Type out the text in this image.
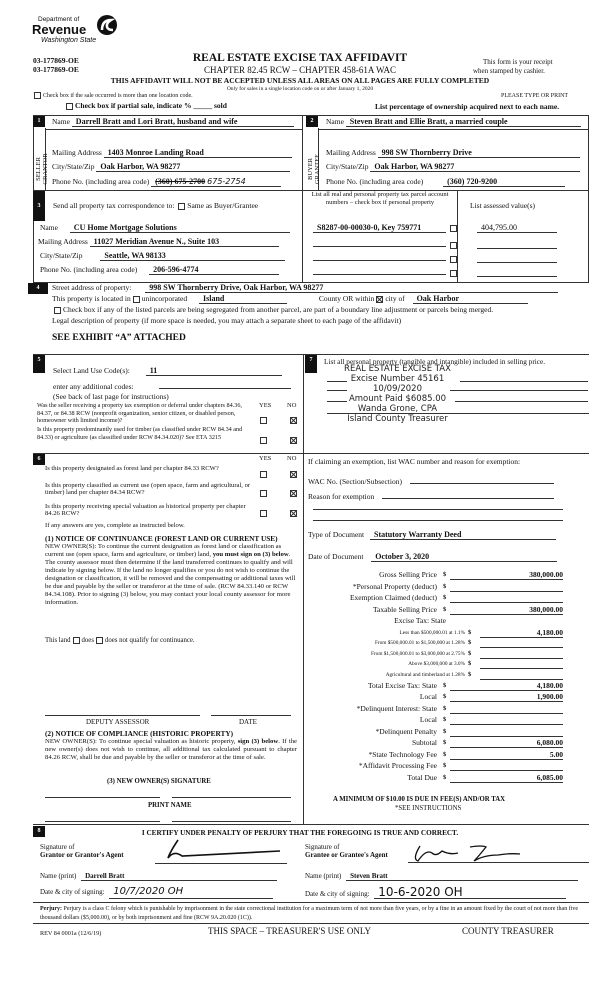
Department of
Revenue
Washington State
03-177869-OE
03-177869-OE
REAL ESTATE EXCISE TAX AFFIDAVIT
CHAPTER 82.45 RCW – CHAPTER 458-61A WAC
This form is your receipt
when stamped by cashier.
THIS AFFIDAVIT WILL NOT BE ACCEPTED UNLESS ALL AREAS ON ALL PAGES ARE FULLY COMPLETED
Only for sales in a single location code on or after January 1, 2020
Check box if the sale occurred is more than one location code.	PLEASE TYPE OR PRINT
Check box if partial sale, indicate % _____ sold	List percentage of ownership acquired next to each name.
1	2
SELLER GRANTOR	BUYER GRANTEE
Name Darrell Bratt and Lori Bratt, husband and wife
Mailing Address 1403 Monroe Landing Road
City/State/Zip Oak Harbor, WA 98277
Phone No. (including area code) (360) 675-2700 675-2754
Name Steven Bratt and Ellie Bratt, a married couple
Mailing Address 998 SW Thornberry Drive
City/State/Zip Oak Harbor, WA 98277
Phone No. (including area code)	(360) 720-9200
3	Send all property tax correspondence to: Same as Buyer/Grantee
List all real and personal property tax parcel account numbers – check box if personal property	List assessed value(s)
Name CU Home Mortgage Solutions
Mailing Address 11027 Meridian Avenue N., Suite 103
City/State/Zip	Seattle, WA 98133
Phone No. (including area code) 206-596-4774
S8287-00-00030-0, Key 759771	404,795.00

4	Street address of property: 998 SW Thornberry Drive, Oak Harbor, WA 98277
This property is located in unincorporated Island	County OR within city of Oak Harbor
Check box if any of the listed parcels are being segregated from another parcel, are part of a boundary line adjustment or parcels being merged.
Legal description of property (if more space is needed, you may attach a separate sheet to each page of the affidavit)
SEE EXHIBIT “A” ATTACHED
5	7
6
Select Land Use Code(s): 11
enter any additional codes:
(See back of last page for instructions)
YES NO
Was the seller receiving a property tax exemption or deferral under chapters 84.36, 84.37, or 84.38 RCW (nonprofit organization, senior citizen, or disabled person, homeowner with limited income)?
Is this property predominantly used for timber (as classified under RCW 84.34 and 84.33) or agriculture (as classified under RCW 84.34.020)? See ETA 3215
YES NO
Is this property designated as forest land per chapter 84.33 RCW?
Is this property classified as current use (open space, farm and agricultural, or timber) land per chapter 84.34 RCW?
Is this property receiving special valuation as historical property per chapter 84.26 RCW?
If any answers are yes, complete as instructed below.
(1) NOTICE OF CONTINUANCE (FOREST LAND OR CURRENT USE)
NEW OWNER(S): To continue the current designation as forest land or classification as current use (open space, farm and agriculture, or timber) land, you must sign on (3) below. The county assessor must then determine if the land transferred continues to qualify and will indicate by signing below. If the land no longer qualifies or you do not wish to continue the designation or classification, it will be removed and the compensating or additional taxes will be due and payable by the seller or transferor at the time of sale. (RCW 84.33.140 or RCW 84.34.108). Prior to signing (3) below, you may contact your local county assessor for more information.
This land does does not qualify for continuance.
DEPUTY ASSESSOR	DATE
(2) NOTICE OF COMPLIANCE (HISTORIC PROPERTY)
NEW OWNER(S): To continue special valuation as historic property, sign (3) below. If the new owner(s) does not wish to continue, all additional tax calculated pursuant to chapter 84.26 RCW, shall be due and payable by the seller or transferor at the time of sale.
(3) NEW OWNER(S) SIGNATURE
PRINT NAME
List all personal property (tangible and intangible) included in selling price.
REAL ESTATE EXCISE TAX
Excise Number 45161
10/09/2020
Amount Paid $6085.00
Wanda Grone, CPA
Island County Treasurer
If claiming an exemption, list WAC number and reason for exemption:
WAC No. (Section/Subsection)
Reason for exemption
Type of Document Statutory Warranty Deed
Date of Document October 3, 2020
Gross Selling Price $	380,000.00
*Personal Property (deduct) $
Exemption Claimed (deduct) $
Taxable Selling Price $	380,000.00
Excise Tax: State
Less than $500,000.01 at 1.1% $	4,180.00
From $500,000.01 to $1,500,000 at 1.28% $
From $1,500,000.01 to $3,000,000 at 2.75% $
Above $3,000,000 at 3.0% $
Agricultural and timberland at 1.28% $
Total Excise Tax: State $	4,180.00
Local $	1,900.00
*Delinquent Interest: State $
Local $
*Delinquent Penalty $
Subtotal $	6,080.00
*State Technology Fee $	5.00
*Affidavit Processing Fee $
Total Due $	6,085.00
A MINIMUM OF $10.00 IS DUE IN FEE(S) AND/OR TAX
*SEE INSTRUCTIONS
8	I CERTIFY UNDER PENALTY OF PERJURY THAT THE FOREGOING IS TRUE AND CORRECT.
Signature of
Grantor or Grantor's Agent
Signature of
Grantee or Grantee's Agent
Name (print) Darrell Bratt	Name (print) Steven Bratt
Date & city of signing: 10/7/2020 OH	Date & city of signing: 10-6-2020 OH
Perjury: Perjury is a class C felony which is punishable by imprisonment in the state correctional institution for a maximum term of not more than five years, or by a fine in an amount fixed by the court of not more than five thousand dollars ($5,000.00), or by both imprisonment and fine (RCW 9A.20.020 (1C)).
REV 84 0001a (12/6/19)	THIS SPACE – TREASURER'S USE ONLY	COUNTY TREASURER
